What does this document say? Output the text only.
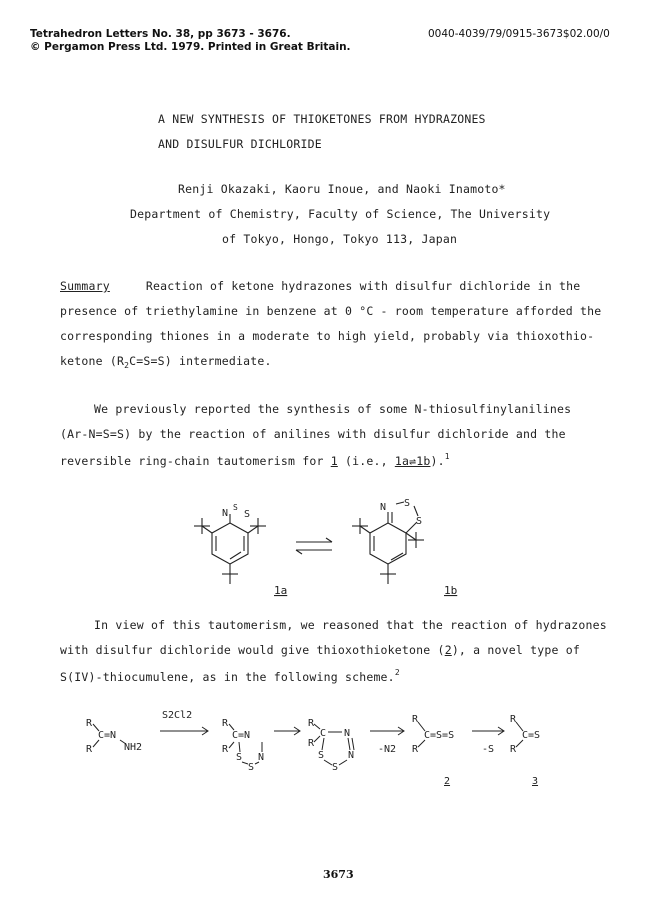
Tetrahedron Letters No. 38, pp 3673 - 3676.
© Pergamon Press Ltd. 1979. Printed in Great Britain.
0040-4039/79/0915-3673$02.00/0
A NEW SYNTHESIS OF THIOKETONES FROM HYDRAZONES
AND DISULFUR DICHLORIDE
Renji Okazaki, Kaoru Inoue, and Naoki Inamoto*
Department of Chemistry, Faculty of Science, The University
of Tokyo, Hongo, Tokyo 113, Japan
Summary	Reaction of ketone hydrazones with disulfur dichloride in the
presence of triethylamine in benzene at 0 °C - room temperature afforded the
corresponding thiones in a moderate to high yield, probably via thioxothio-
ketone $(R_2C=S=S)$ intermediate.
We previously reported the synthesis of some N-thiosulfinylanilines
(Ar-N=S=S) by the reaction of anilines with disulfur dichloride and the
reversible ring-chain tautomerism for 1 (i.e., 1a⇌1b).$^1$
N
S
S
N S
S
1a	1b
In view of this tautomerism, we reasoned that the reaction of hydrazones
with disulfur dichloride would give thioxothioketone (2), a novel type of
S(IV)-thiocumulene, as in the following scheme.$^2$
R
R
C=N
NH2
S2Cl2
R
R
C=N
S
S
N
R
R
C N
S
S
N
-N2
R
R
C=S=S
2
-S
R
R
C=S
3
3673
